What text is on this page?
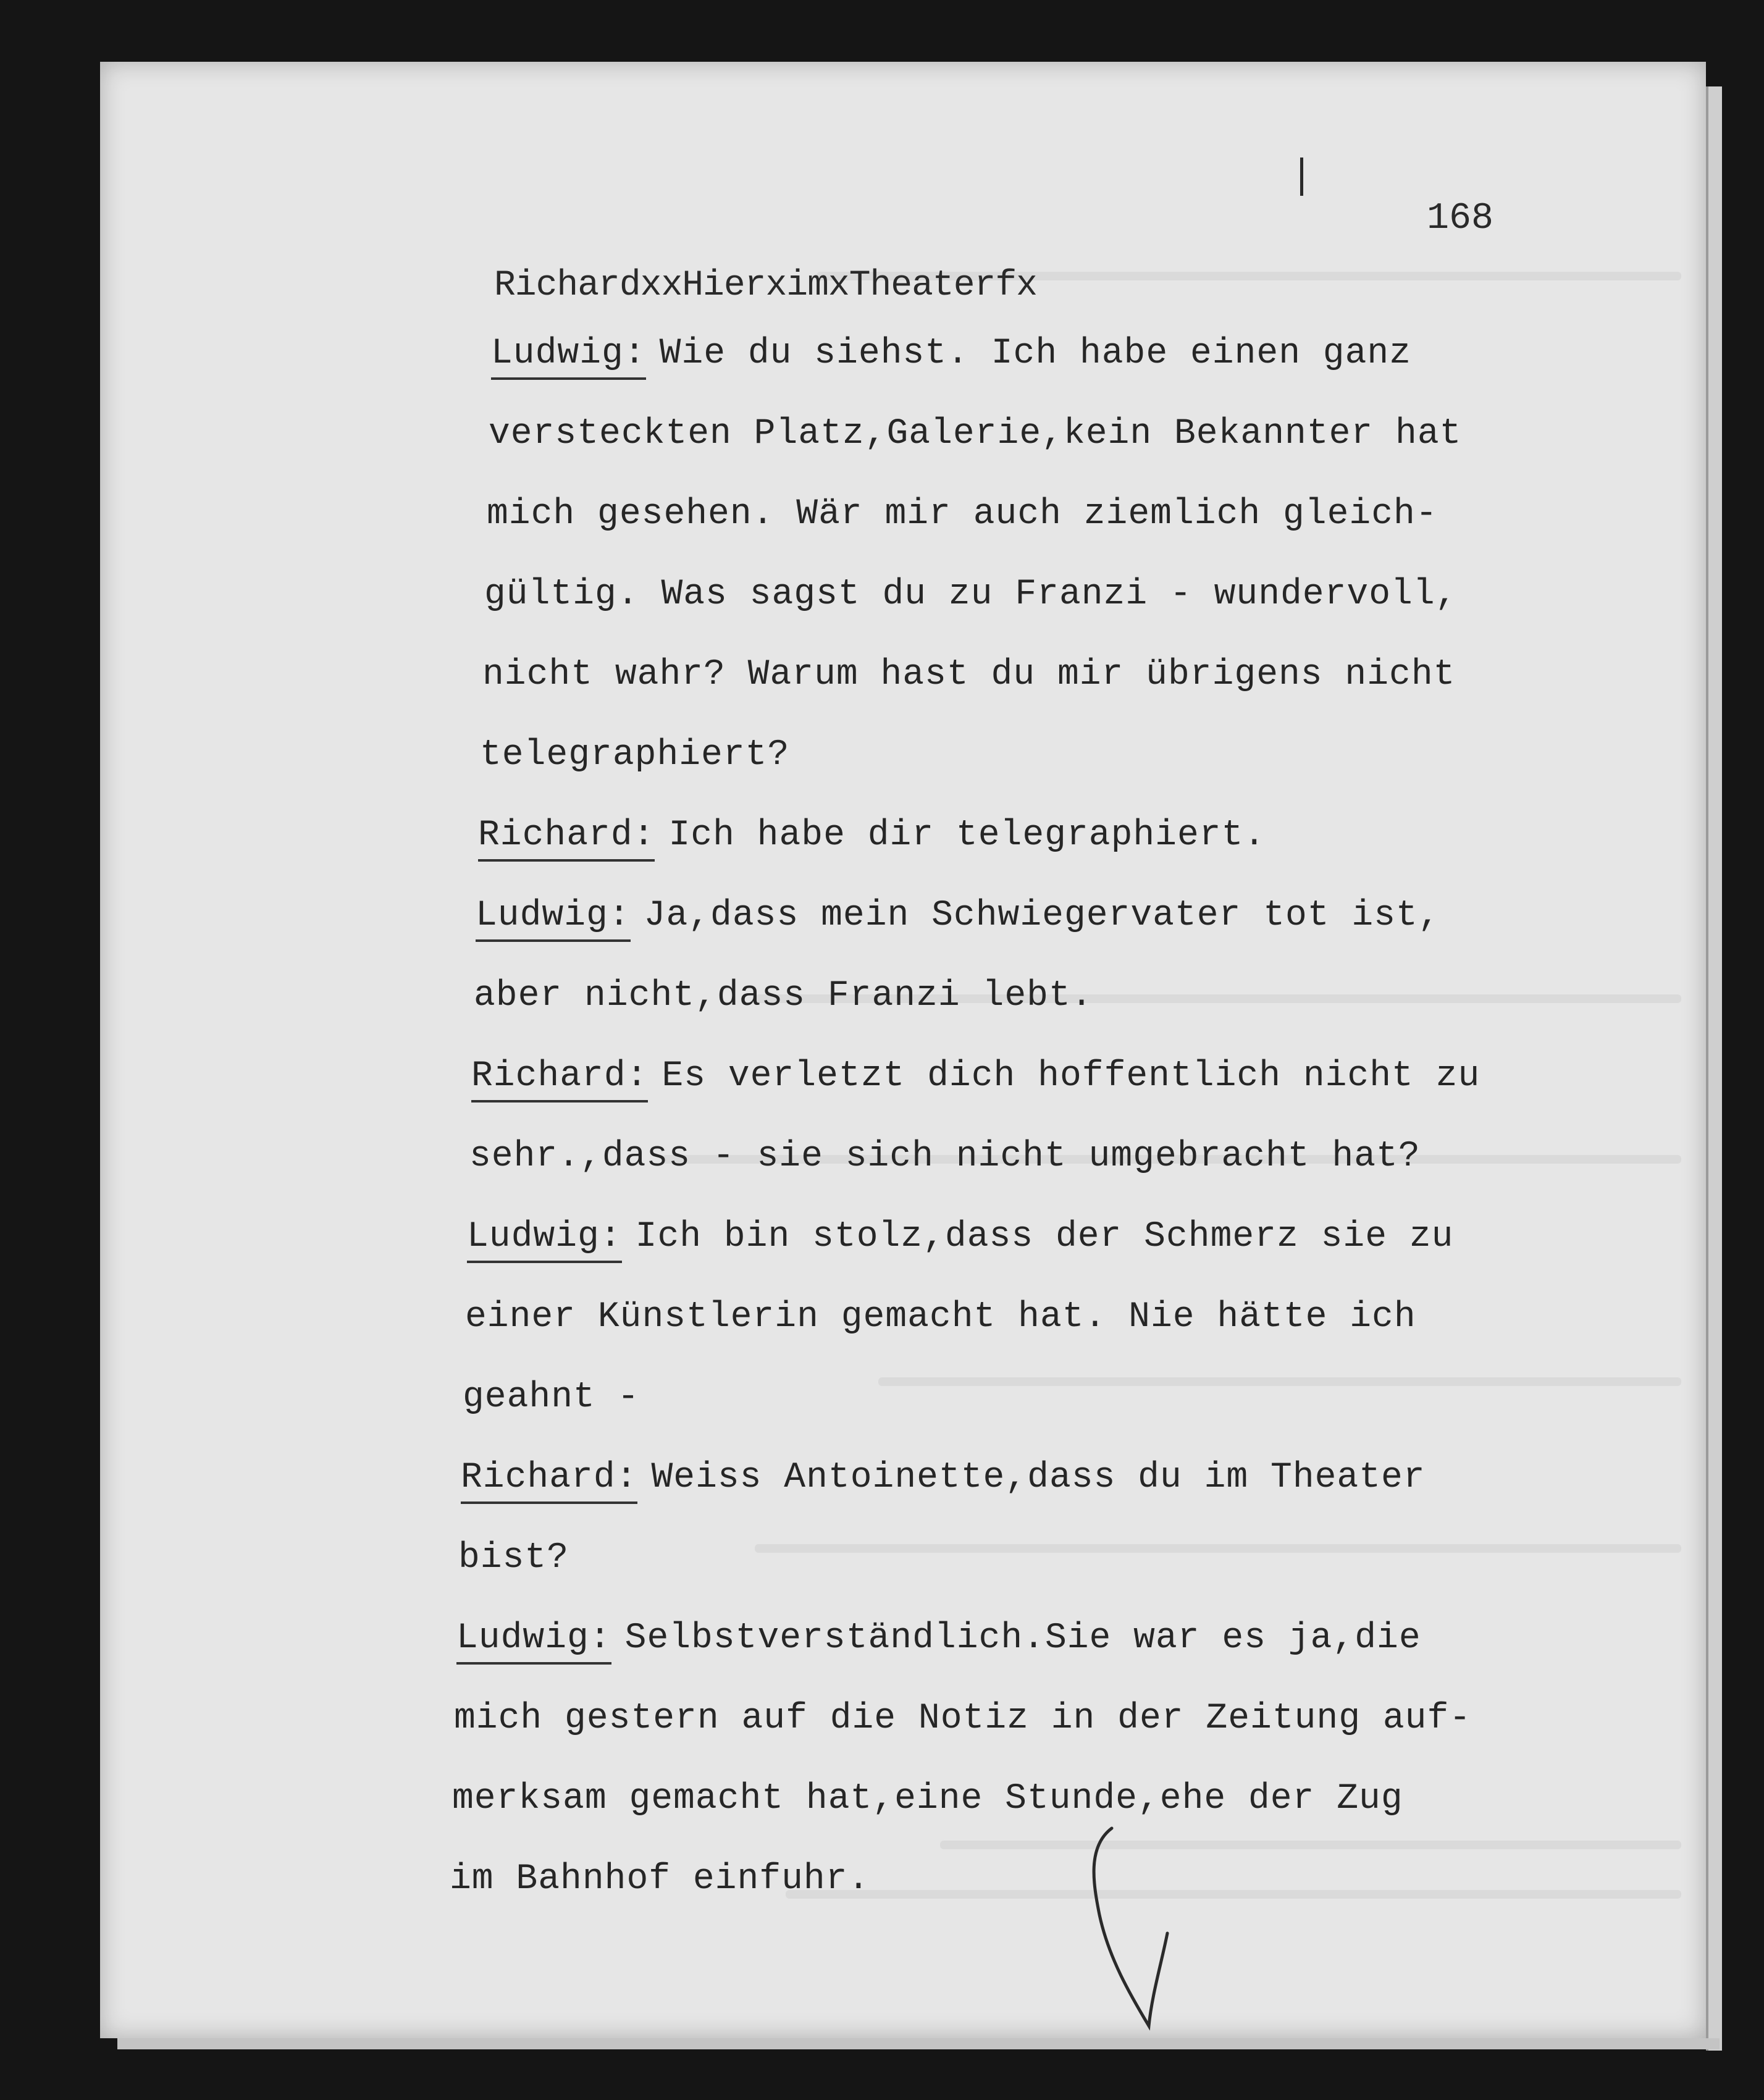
168
RichardxxHierximxTheaterfx
Ludwig: Wie du siehst. Ich habe einen ganz
versteckten Platz,Galerie,kein Bekannter hat
mich gesehen. Wär mir auch ziemlich gleich-
gültig. Was sagst du zu Franzi - wundervoll,
nicht wahr? Warum hast du mir übrigens nicht
telegraphiert?
Richard: Ich habe dir telegraphiert.
Ludwig: Ja,dass mein Schwiegervater tot ist,
aber nicht,dass Franzi lebt.
Richard: Es verletzt dich hoffentlich nicht zu
sehr.,dass - sie sich nicht umgebracht hat?
Ludwig: Ich bin stolz,dass der Schmerz sie zu
einer Künstlerin gemacht hat. Nie hätte ich
geahnt -
Richard: Weiss Antoinette,dass du im Theater
bist?
Ludwig: Selbstverständlich.Sie war es ja,die
mich gestern auf die Notiz in der Zeitung auf-
merksam gemacht hat,eine Stunde,ehe der Zug
im Bahnhof einfuhr.
